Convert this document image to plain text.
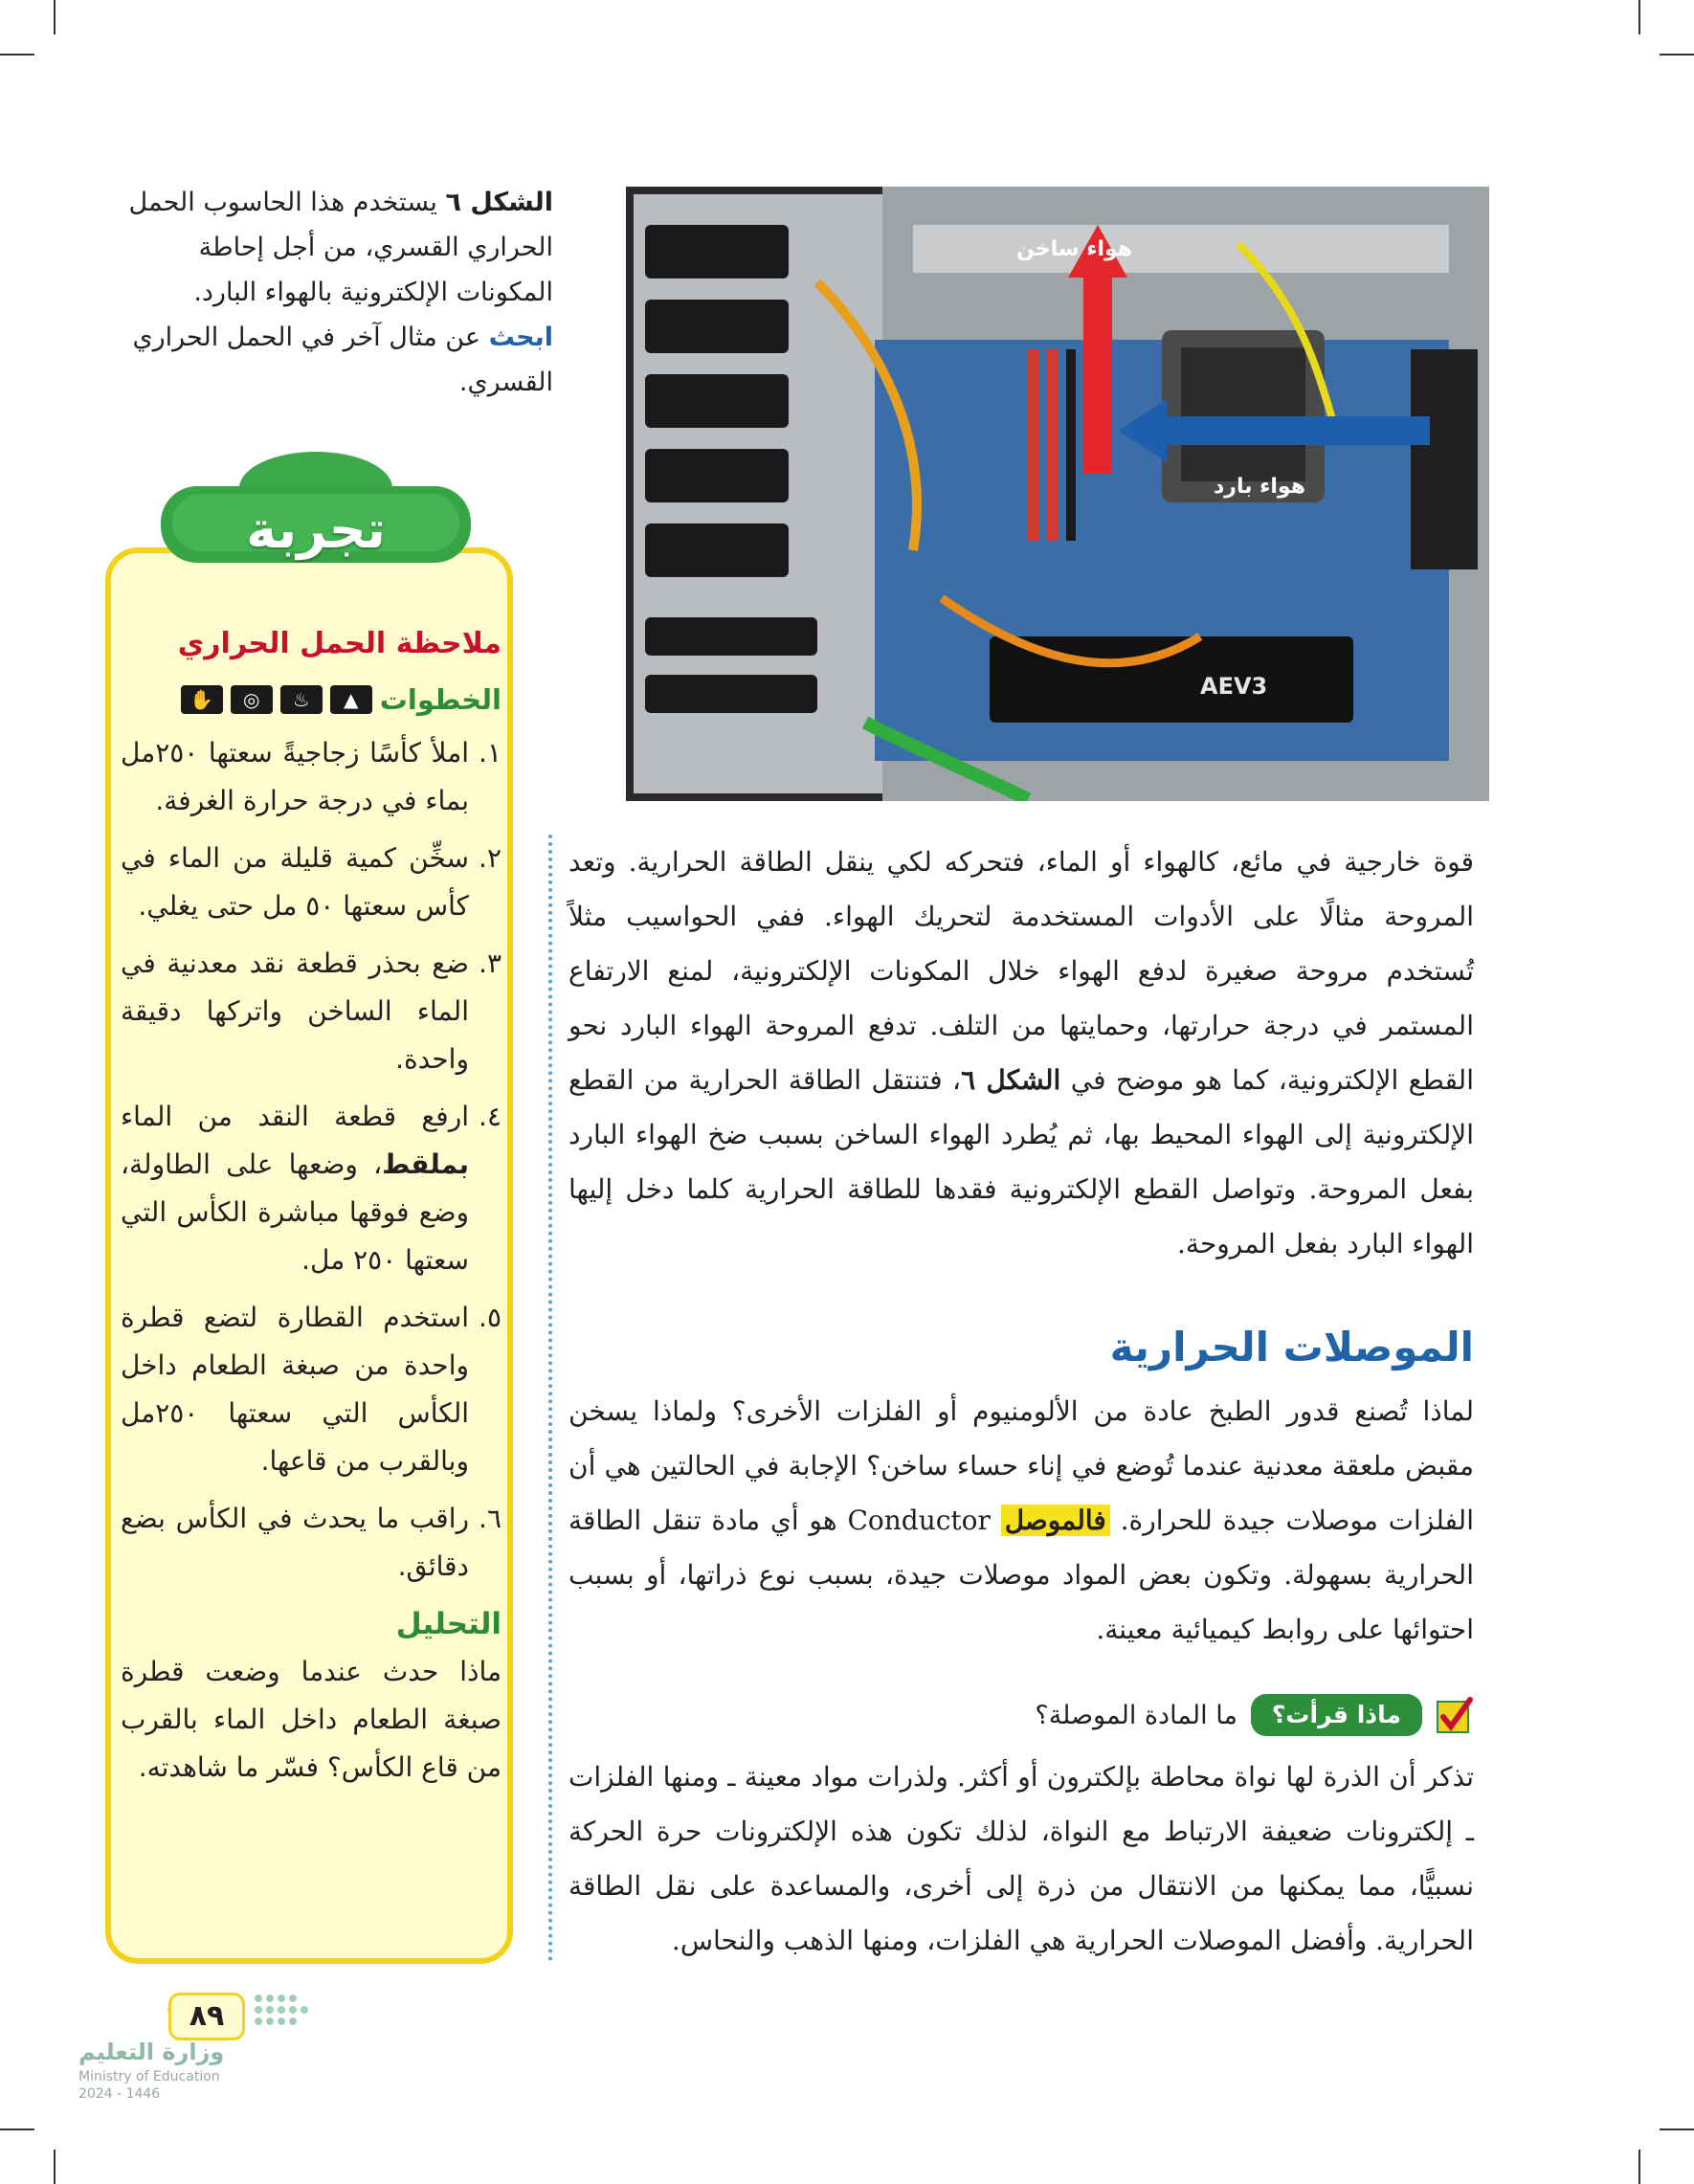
AEV3
هواء ساخن
هواء بارد
الشكل ٦ يستخدم هذا الحاسوب الحمل الحراري القسري، من أجل إحاطة المكونات الإلكترونية بالهواء البارد.
ابحث عن مثال آخر في الحمل الحراري القسري.
تجربة
ملاحظة الحمل الحراري
الخطوات
▲
♨
◎
✋
١.
املأ كأسًا زجاجيةً سعتها ٢٥٠مل بماء في درجة حرارة الغرفة.
٢.
سخِّن كمية قليلة من الماء في كأس سعتها ٥٠ مل حتى يغلي.
٣.
ضع بحذر قطعة نقد معدنية في الماء الساخن واتركها دقيقة واحدة.
٤.
ارفع قطعة النقد من الماء بملقط، وضعها على الطاولة، وضع فوقها مباشرة الكأس التي سعتها ٢٥٠ مل.
٥.
استخدم القطارة لتضع قطرة واحدة من صبغة الطعام داخل الكأس التي سعتها ٢٥٠مل وبالقرب من قاعها.
٦.
راقب ما يحدث في الكأس بضع دقائق.
التحليل
ماذا حدث عندما وضعت قطرة صبغة الطعام داخل الماء بالقرب من قاع الكأس؟ فسّر ما شاهدته.
قوة خارجية في مائع، كالهواء أو الماء، فتحركه لكي ينقل الطاقة الحرارية. وتعد المروحة مثالًا على الأدوات المستخدمة لتحريك الهواء. ففي الحواسيب مثلاً تُستخدم مروحة صغيرة لدفع الهواء خلال المكونات الإلكترونية، لمنع الارتفاع المستمر في درجة حرارتها، وحمايتها من التلف. تدفع المروحة الهواء البارد نحو القطع الإلكترونية، كما هو موضح في الشكل ٦، فتنتقل الطاقة الحرارية من القطع الإلكترونية إلى الهواء المحيط بها، ثم يُطرد الهواء الساخن بسبب ضخ الهواء البارد بفعل المروحة. وتواصل القطع الإلكترونية فقدها للطاقة الحرارية كلما دخل إليها الهواء البارد بفعل المروحة.
الموصلات الحرارية
لماذا تُصنع قدور الطبخ عادة من الألومنيوم أو الفلزات الأخرى؟ ولماذا يسخن مقبض ملعقة معدنية عندما تُوضع في إناء حساء ساخن؟ الإجابة في الحالتين هي أن الفلزات موصلات جيدة للحرارة. فالموصل Conductor هو أي مادة تنقل الطاقة الحرارية بسهولة. وتكون بعض المواد موصلات جيدة، بسبب نوع ذراتها، أو بسبب احتوائها على روابط كيميائية معينة.
ماذا قرأت؟
ما المادة الموصلة؟
تذكر أن الذرة لها نواة محاطة بإلكترون أو أكثر. ولذرات مواد معينة ـ ومنها الفلزات ـ إلكترونات ضعيفة الارتباط مع النواة، لذلك تكون هذه الإلكترونات حرة الحركة نسبيًّا، مما يمكنها من الانتقال من ذرة إلى أخرى، والمساعدة على نقل الطاقة الحرارية. وأفضل الموصلات الحرارية هي الفلزات، ومنها الذهب والنحاس.
٨٩
وزارة التعليم
Ministry of Education
2024 - 1446
